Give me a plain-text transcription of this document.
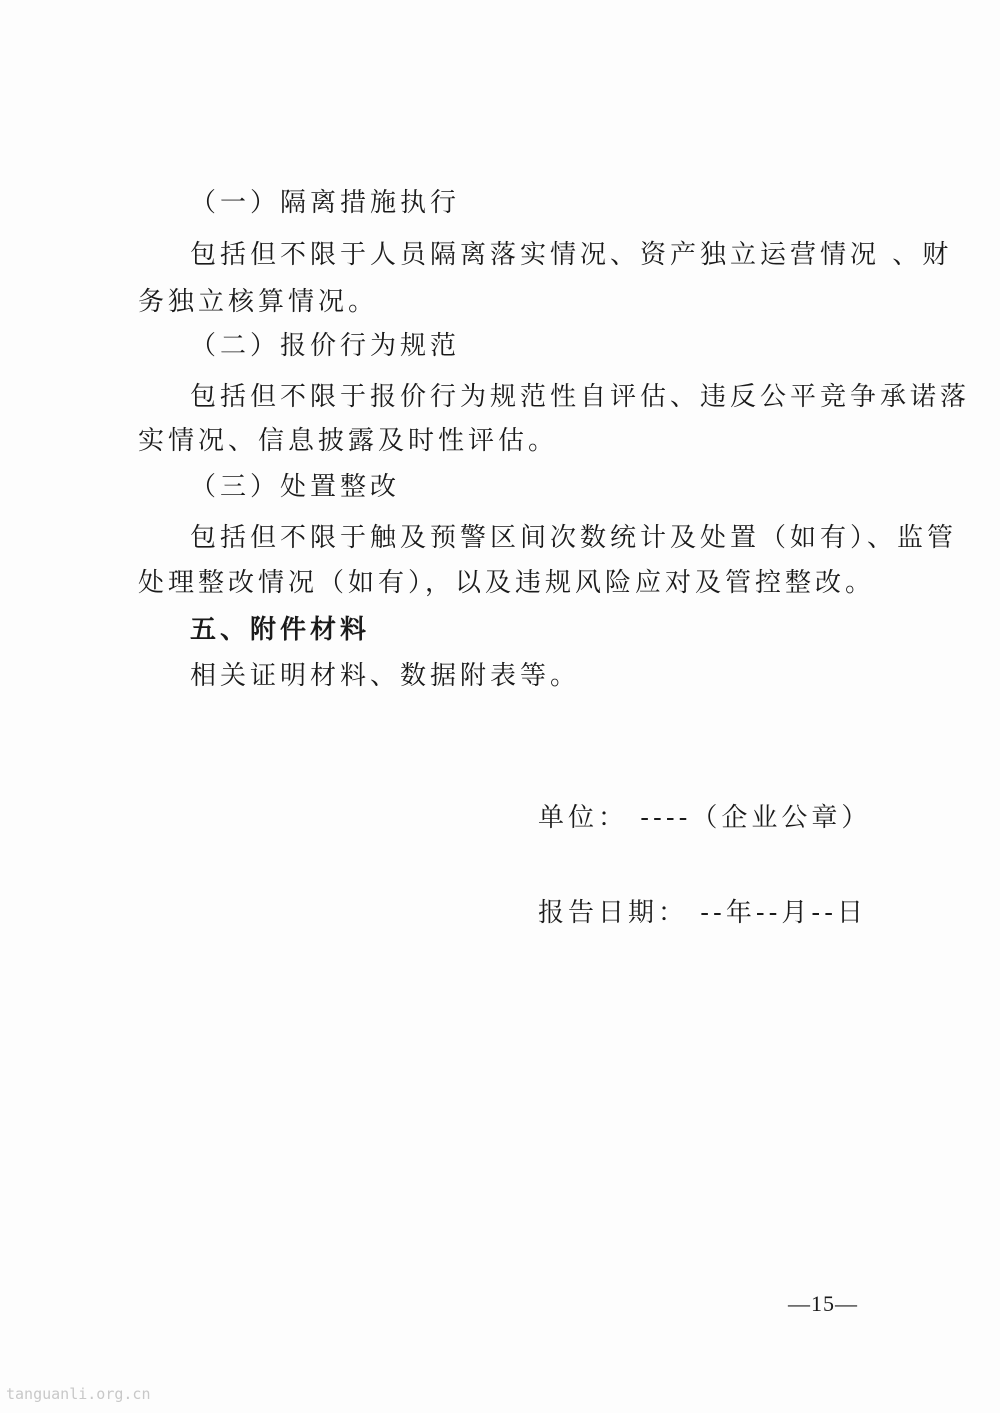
（一）隔离措施执行
包括但不限于人员隔离落实情况、资产独立运营情况 、财
务独立核算情况。
（二）报价行为规范
包括但不限于报价行为规范性自评估、违反公平竞争承诺落
实情况、信息披露及时性评估。
（三）处置整改
包括但不限于触及预警区间次数统计及处置（如有）、监管
处理整改情况（如有），以及违规风险应对及管控整改。
五、附件材料
相关证明材料、数据附表等。
单位： ----（企业公章）
报告日期： --年--月--日
—15—
tanguanli.org.cn
